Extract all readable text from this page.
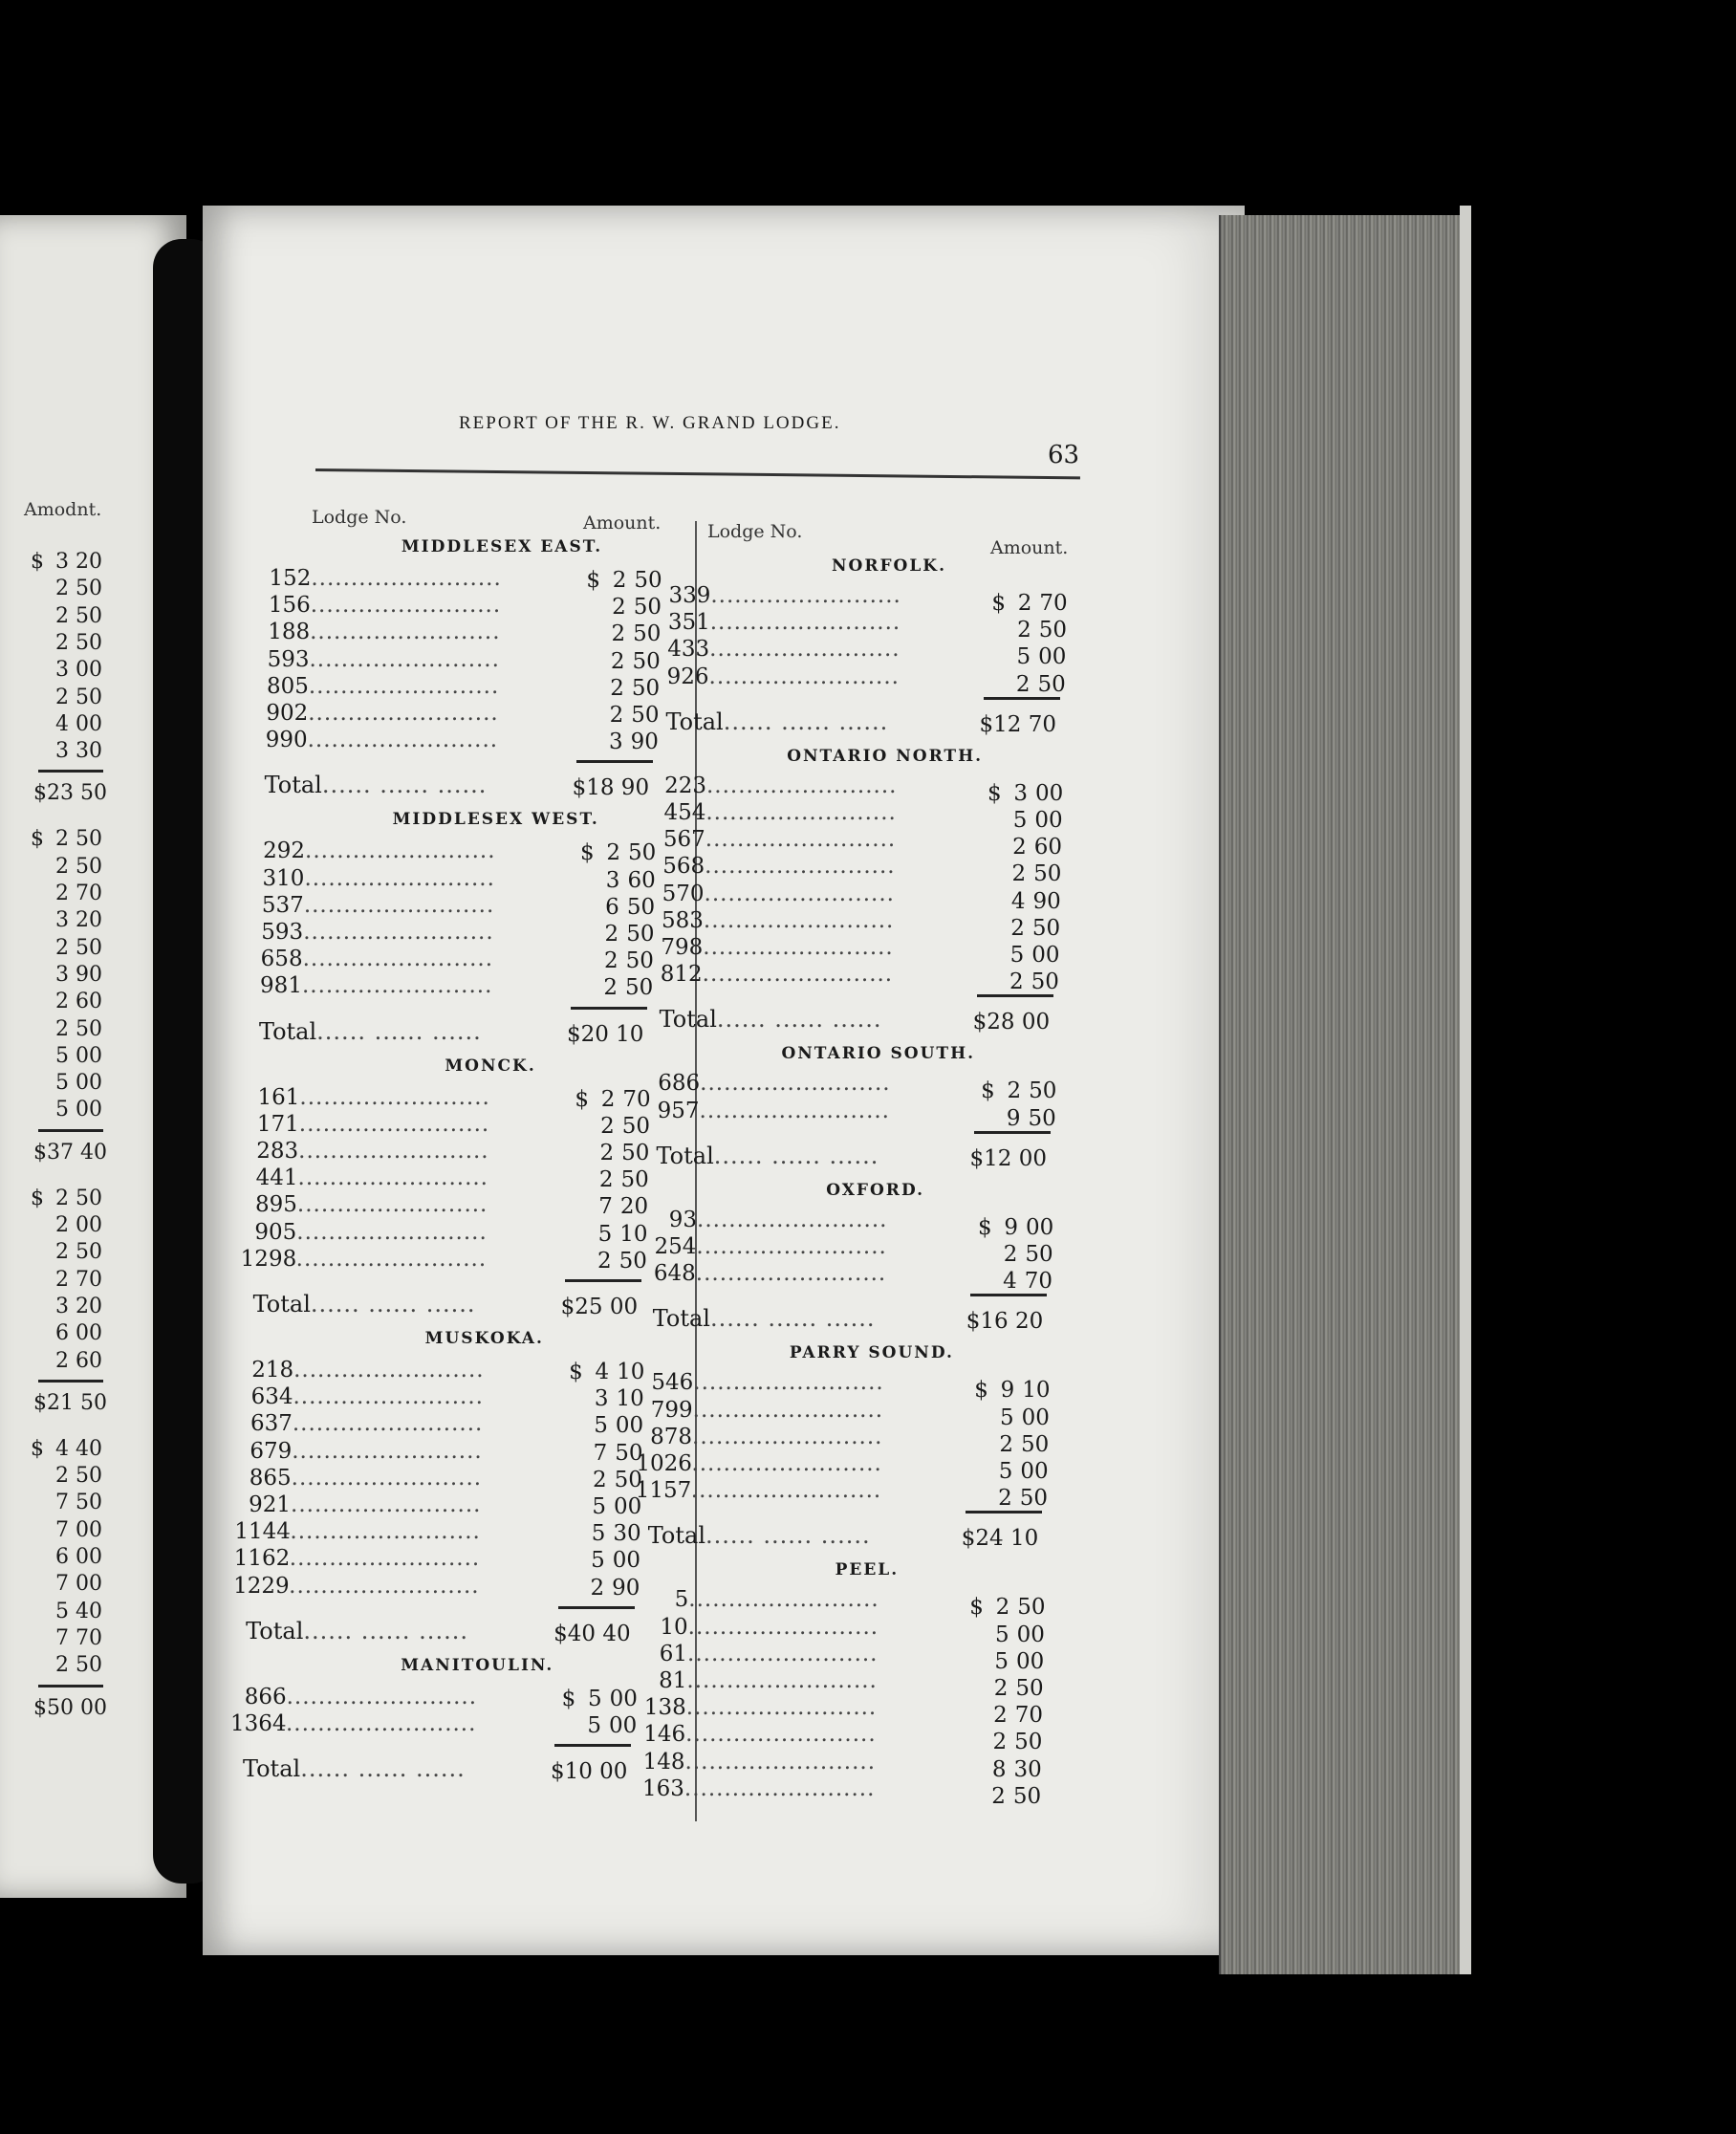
REPORT OF THE R. W. GRAND LODGE.
63
Lodge No.	Amount.	Lodge No.
Amount.
Amodnt.
MIDDLESEX EAST.
152 .....	$ 2 50
156 .....	2 50
188 .....	2 50
593 .....	2 50
805 .....	2 50
902 .....	2 50
990 .....	3 90
Total...... ...... ......	$18 90
MIDDLESEX WEST.
292 .....	$ 2 50
310 .....	3 60
537 .....	6 50
593 .....	2 50
658 .....	2 50
981 .....	2 50
Total...... ...... ......	$20 10
MONCK.
161 .....	$ 2 70
171 .....	2 50
283 .....	2 50
441 .....	2 50
895 .....	7 20
905 .....	5 10
1298 .....	2 50
Total...... ...... ......	$25 00
MUSKOKA.
218 .....	$ 4 10
634 .....	3 10
637 .....	5 00
679 .....	7 50
865 .....	2 50
921 .....	5 00
1144 .....	5 30
1162 .....	5 00
1229 .....	2 90
Total...... ...... ......	$40 40
MANITOULIN.
866 .....	$ 5 00
1364 .....	5 00
Total...... ...... ......	$10 00
NORFOLK.
339 .....	$ 2 70
351 .....	2 50
433 .....	5 00
926 .....	2 50
Total...... ...... ......	$12 70
ONTARIO NORTH.
223 .....	$ 3 00
454 .....	5 00
567 .....	2 60
568 .....	2 50
570 .....	4 90
583 .....	2 50
798 .....	5 00
812 .....	2 50
Total...... ...... ......	$28 00
ONTARIO SOUTH.
686 .....	$ 2 50
957 .....	9 50
Total...... ...... ......	$12 00
OXFORD.
93 .....	$ 9 00
254 .....	2 50
648 .....	4 70
Total...... ...... ......	$16 20
PARRY SOUND.
546 .....	$ 9 10
799 .....	5 00
878 .....	2 50
1026 .....	5 00
1157 .....	2 50
Total...... ...... ......	$24 10
PEEL.
5 .....	$ 2 50
10 .....	5 00
61 .....	5 00
81 .....	2 50
138 .....	2 70
146 .....	2 50
148 .....	8 30
163 .....	2 50
$ 3 20
2 50
2 50
2 50
3 00
2 50
4 00
3 30
$23 50
$ 2 50
2 50
2 70
3 20
2 50
3 90
2 60
2 50
5 00
5 00
5 00
$37 40
$ 2 50
2 00
2 50
2 70
3 20
6 00
2 60
$21 50
$ 4 40
2 50
7 50
7 00
6 00
7 00
5 40
7 70
2 50
$50 00
